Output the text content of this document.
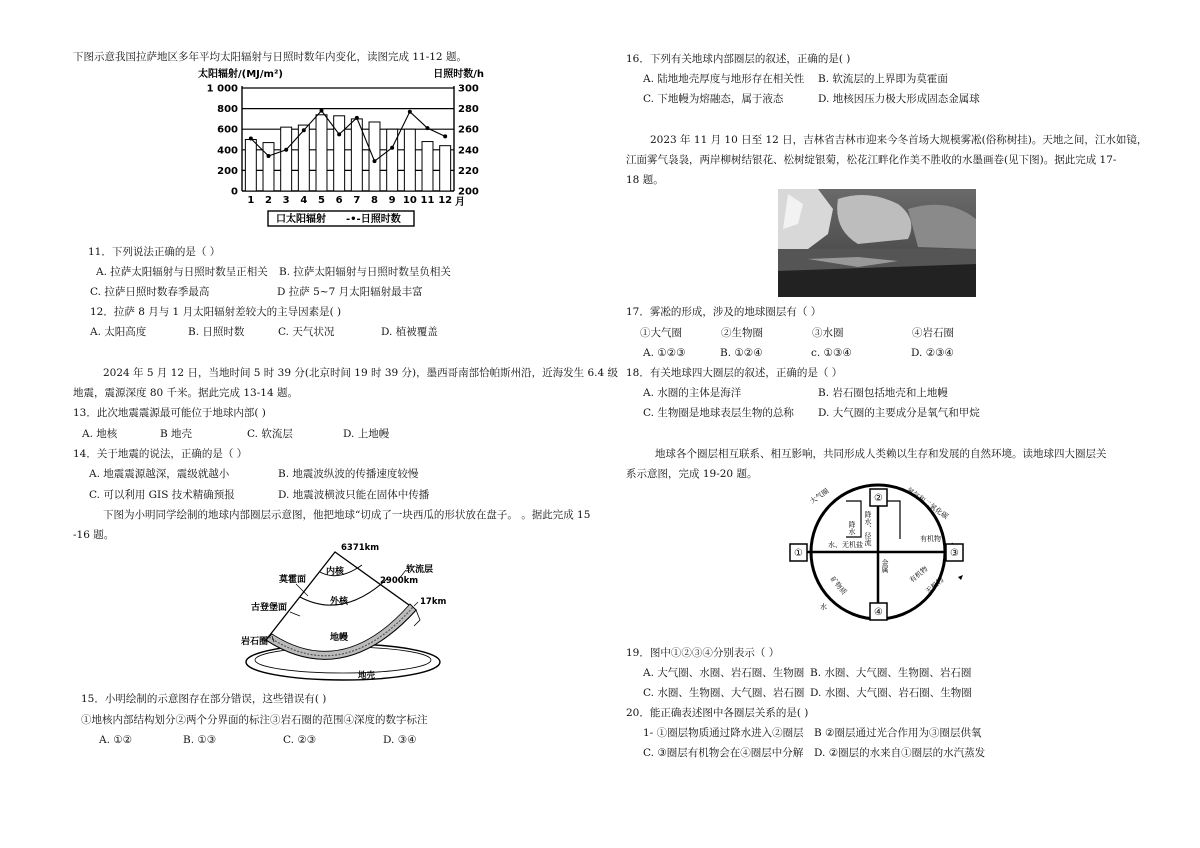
下图示意我国拉萨地区多年平均太阳辐射与日照时数年内变化，读图完成 11-12 题。
太阳辐射/(MJ/m²)	日照时数/h
0
200
400
600
800
1 000
200
220
240
260
280
300
1 2 3 4 5 6 7 8 9 10 11 12 月
口太阳辐射 -•-日照时数
11．下列说法正确的是（ ）
A. 拉萨太阳辐射与日照时数呈正相关 B. 拉萨太阳辐射与日照时数呈负相关
C. 拉萨日照时数春季最高	D 拉萨 5~7 月太阳辐射最丰富
12．拉萨 8 月与 1 月太阳辐射差较大的主导因素是( )
A. 太阳高度	B. 日照时数	C. 天气状况	D. 植被覆盖
2024 年 5 月 12 日，当地时间 5 时 39 分(北京时间 19 时 39 分)，墨西哥南部恰帕斯州沿，近海发生 6.4 级
地震，震源深度 80 千米。据此完成 13-14 题。
13．此次地震震源最可能位于地球内部( )
A. 地核	B 地壳	C. 软流层	D. 上地幔
14．关于地震的说法，正确的是（ ）
A. 地震震源越深，震级就越小	B. 地震波纵波的传播速度较慢
C. 可以利用 GIS 技术精确预报	D. 地震波横波只能在固体中传播
下图为小明同学绘制的地球内部圈层示意图，他把地球“切成了一块西瓜的形状放在盘子。 。据此完成 15
-16 题。
6371km
内核
外核
地幔
地壳
莫霍面
古登堡面
岩石圈
软流层
2900km
17km
15．小明绘制的示意图存在部分错误，这些错误有( )
①地核内部结构划分②两个分界面的标注③岩石圈的范围④深度的数字标注
A. ①②	B. ①③	C. ②③	D. ③④
16．下列有关地球内部圈层的叙述，正确的是( )
A. 陆地地壳厚度与地形存在相关性 B. 软流层的上界即为莫霍面
C. 下地幔为熔融态，属于液态	D. 地核因压力极大形成固态金属球
2023 年 11 月 10 日至 12 日，吉林省吉林市迎来今冬首场大规模雾凇(俗称树挂)。天地之间，江水如镜，
江面雾气袅袅，两岸柳树结银花、松树绽银菊，松花江畔化作美不胜收的水墨画卷(见下图)。据此完成 17-
18 题。
17．雾凇的形成，涉及的地球圈层有（ ）
①大气圈	②生物圈	③水圈	④岩石圈
A. ①②③	B. ①②④	c. ①③④	D. ②③④
18．有关地球四大圈层的叙述，正确的是（ ）
A. 水圈的主体是海洋	B. 岩石圈包括地壳和上地幔
C. 生物圈是地球表层生物的总称 D. 大气圈的主要成分是氧气和甲烷
地球各个圈层相互联系、相互影响，共同形成人类赖以生存和发展的自然环境。读地球四大圈层关
系示意图，完成 19-20 题。
①
②
③
④
大气圈	氧气和二氧化碳
降水 降水、径流
水、无机盐
有机物
金属	有机物
无机物
矿物质
水
19．图中①②③④分别表示（ ）
A. 大气圈、水圈、岩石圈、生物圈 B. 水圈、大气圈、生物圈、岩石圈
C. 水圈、生物圈、大气圈、岩石圈 D. 水圈、大气圈、岩石圈、生物圈
20．能正确表述图中各圈层关系的是( )
1- ①圈层物质通过降水进入②圈层 B ②圈层通过光合作用为③圈层供氧
C. ③圈层有机物会在④圈层中分解 D. ②圈层的水来自①圈层的水汽蒸发
